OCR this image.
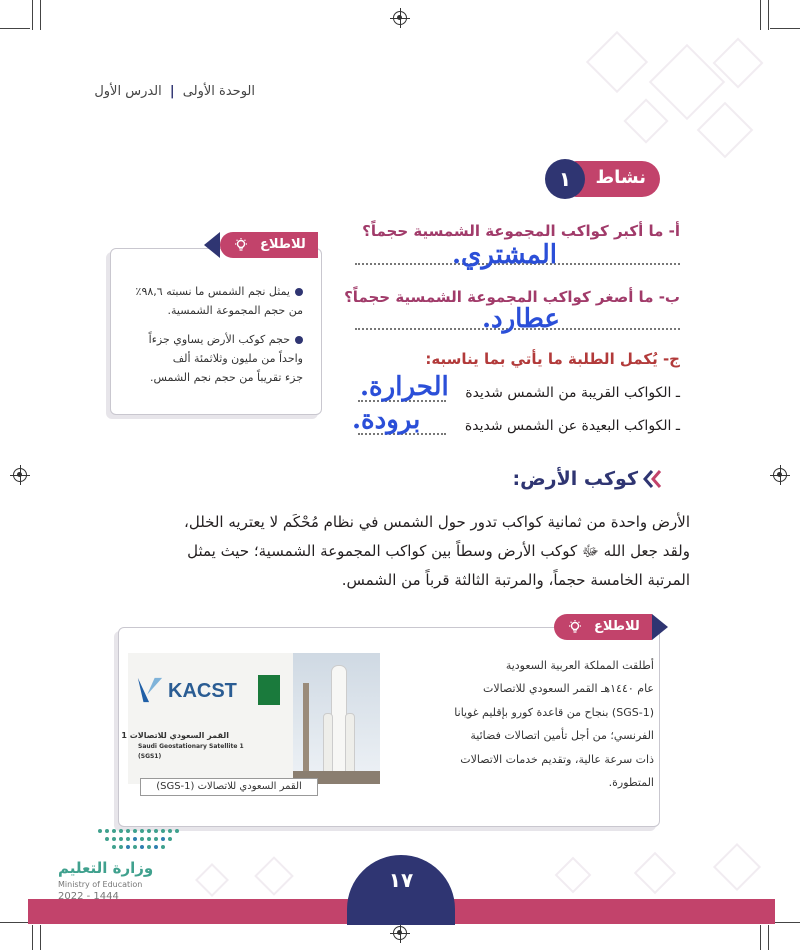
الوحدة الأولى | الدرس الأول
نشاط
١
أ- ما أكبر كواكب المجموعة الشمسية حجماً؟
المشتري.
ب- ما أصغر كواكب المجموعة الشمسية حجماً؟
عطارد.
ج- يُكمل الطلبة ما يأتي بما يناسبه:
ـ الكواكب القريبة من الشمس شديدة
الحرارة.
ـ الكواكب البعيدة عن الشمس شديدة
برودة.
للاطلاع
يمثل نجم الشمس ما نسبته ٩٨,٦٪
من حجم المجموعة الشمسية.
حجم كوكب الأرض يساوي جزءاً
واحداً من مليون وثلاثمئة ألف
جزء تقريباً من حجم نجم الشمس.
كوكب الأرض:
الأرض واحدة من ثمانية كواكب تدور حول الشمس في نظام مُحْكَم لا يعتريه الخلل،
ولقد جعل الله ﷻ كوكب الأرض وسطاً بين كواكب المجموعة الشمسية؛ حيث يمثل
المرتبة الخامسة حجماً، والمرتبة الثالثة قرباً من الشمس.
للاطلاع
أطلقت المملكة العربية السعودية
عام ١٤٤٠هـ القمر السعودي للاتصالات
(SGS-1) بنجاح من قاعدة كورو بإقليم غويانا
الفرنسي؛ من أجل تأمين اتصالات فضائية
ذات سرعة عالية، وتقديم خدمات الاتصالات
المتطورة.
KACST
القمر السعودي للاتصالات 1
Saudi Geostationary Satellite 1
(SGS1)
القمر السعودي للاتصالات (SGS-1)
١٧
وزارة التعليم
Ministry of Education
2022 - 1444
